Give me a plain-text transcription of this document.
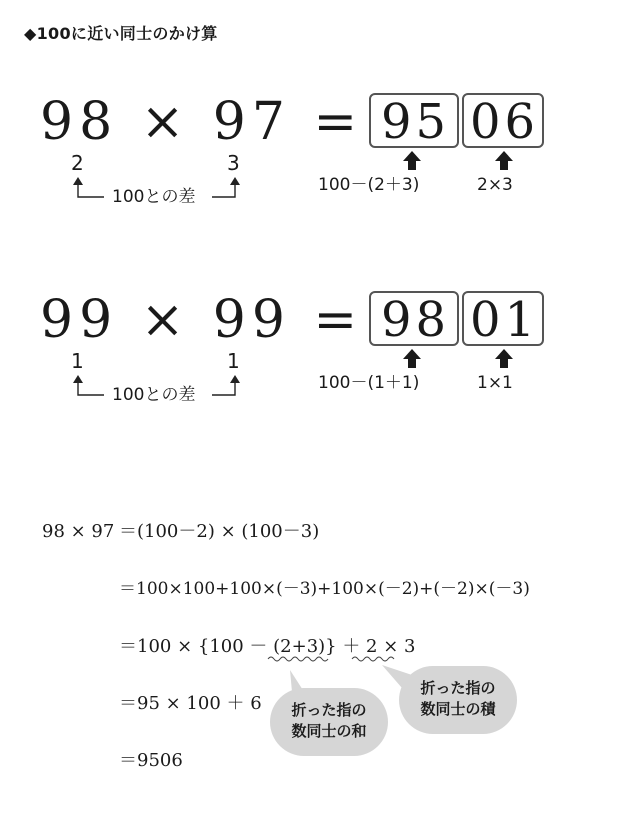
◆100に近い同士のかけ算
98 × 97 = 95 06
2	3
100との差
100－(2＋3)	2×3
99 × 99 = 98 01
1	1
100との差
100－(1＋1)	1×1
98 × 97 ＝(100－2) × (100－3)
＝100×100+100×(－3)+100×(－2)+(－2)×(－3)
＝100 × {100 － (2+3)} ＋ 2 × 3
＝95 × 100 ＋ 6
＝9506
折った指の
数同士の和
折った指の
数同士の積
